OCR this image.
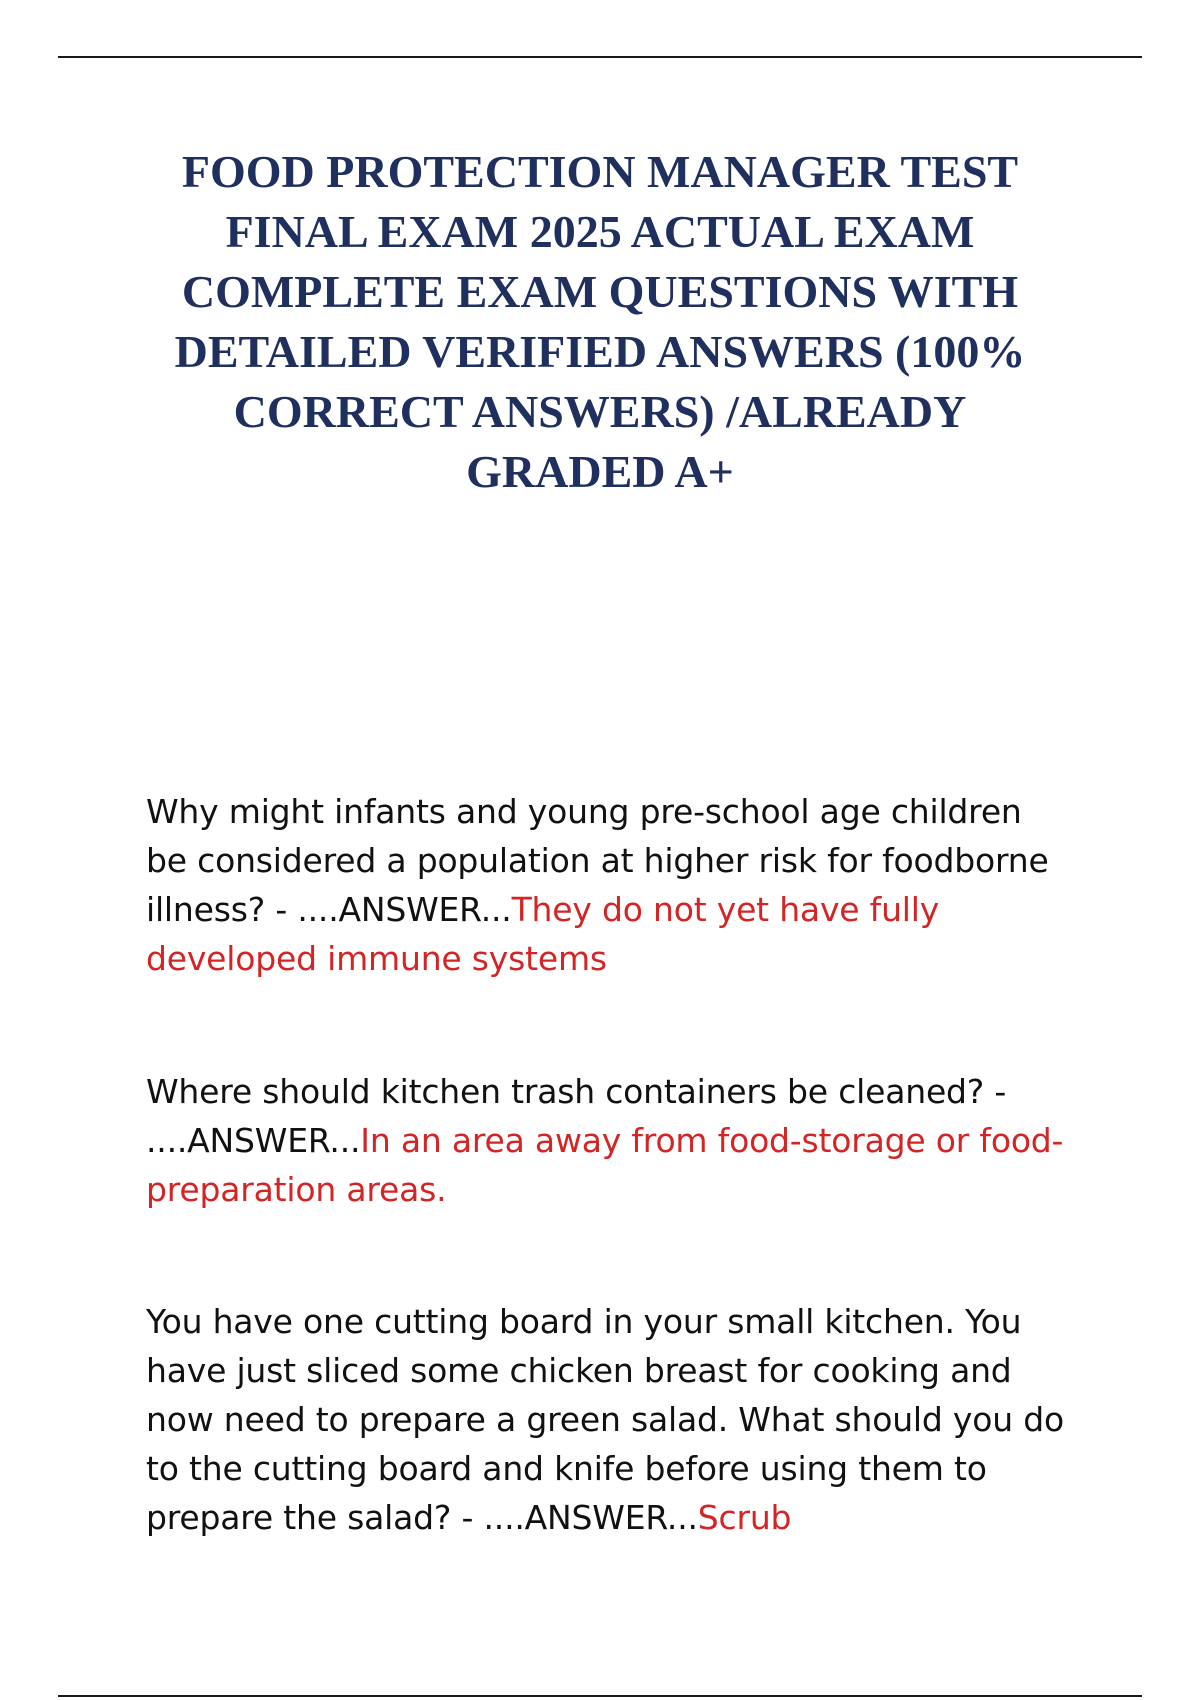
FOOD PROTECTION MANAGER TEST FINAL EXAM 2025 ACTUAL EXAM COMPLETE EXAM QUESTIONS WITH DETAILED VERIFIED ANSWERS (100% CORRECT ANSWERS) /ALREADY GRADED A+

Why might infants and young pre-school age children be considered a population at higher risk for foodborne illness? - ....ANSWER...They do not yet have fully developed immune systems

Where should kitchen trash containers be cleaned? - ....ANSWER...In an area away from food-storage or food-preparation areas.

You have one cutting board in your small kitchen. You have just sliced some chicken breast for cooking and now need to prepare a green salad. What should you do to the cutting board and knife before using them to prepare the salad? - ....ANSWER...Scrub
